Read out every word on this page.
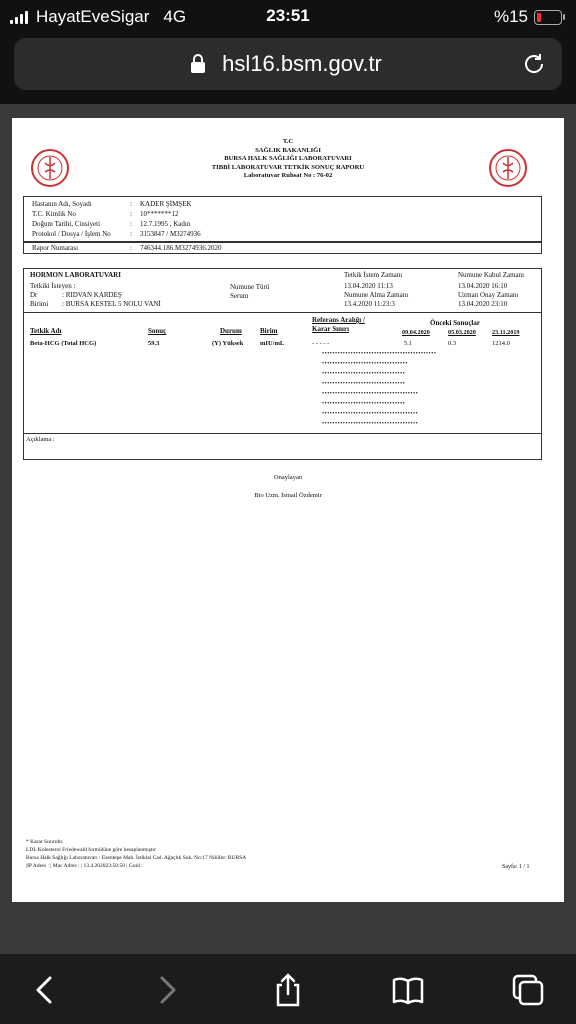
HayatEveSigar 4G	23:51	%15
hsl16.bsm.gov.tr
T.C
SAĞLIK BAKANLIĞI
BURSA HALK SAĞLIĞI LABORATUVARI
TIBBİ LABORATUVAR TETKİK SONUÇ RAPORU
Laboratuvar Ruhsat No : 76-02
Hastanın Adı, Soyadı	: KADER ŞİMŞEK
T.C. Kimlik No	: 10*******12
Doğum Tarihi, Cinsiyeti	: 12.7.1995 , Kadın
Protokol / Dosya / İşlem No	: 3153847 / M3274936
Rapor Numarası	: 746344.186.M3274936.2020
HORMON LABORATUVARI
Tetkiki İsteyen :
Dr	: RIDVAN KARDEŞ
Birimi : BURSA KESTEL 5 NOLU VANİ
Numune Türü
Serum
Tetkik İstem Zamanı
13.04.2020 11:13
Numune Alma Zamanı
13.4.2020 11:23:3
Numune Kabul Zamanı
13.04.2020 16:10
Uzman Onay Zamanı
13.04.2020 23:10
Tetkik Adı	Sonuç	Durum	Birim
Referans Aralığı /
Karar Sınırı
Önceki Sonuçlar
09.04.2020	05.03.2020	23.11.2019
Beta-HCG (Total HCG)	59.3	(Y) Yüksek	mIU/mL	- - - - -	5.1	0.3	1214.0
••••••••••••••••••••••••••••••••••••••••••••
•••••••••••••••••••••••••••••••••
••••••••••••••••••••••••••••••••
••••••••••••••••••••••••••••••••
•••••••••••••••••••••••••••••••••••••
••••••••••••••••••••••••••••••••
•••••••••••••••••••••••••••••••••••••
•••••••••••••••••••••••••••••••••••••
Açıklama :
Onaylayan
Bio Uzm. İsmail Özdemir
* Karar Sınırıdır.
LDL Kolesterol Friedewald formülüne göre hesaplanmıştır
Bursa Halk Sağlığı Laboratuvarı : Esentepe Mah. İstiklal Cad. Ağaçlık Sok. No:17 Nilüfer/ BURSA
|IP Adres : | Mac Adres : | 13.4.202023:50:50 | Guid :	Sayfa: 1 / 1
